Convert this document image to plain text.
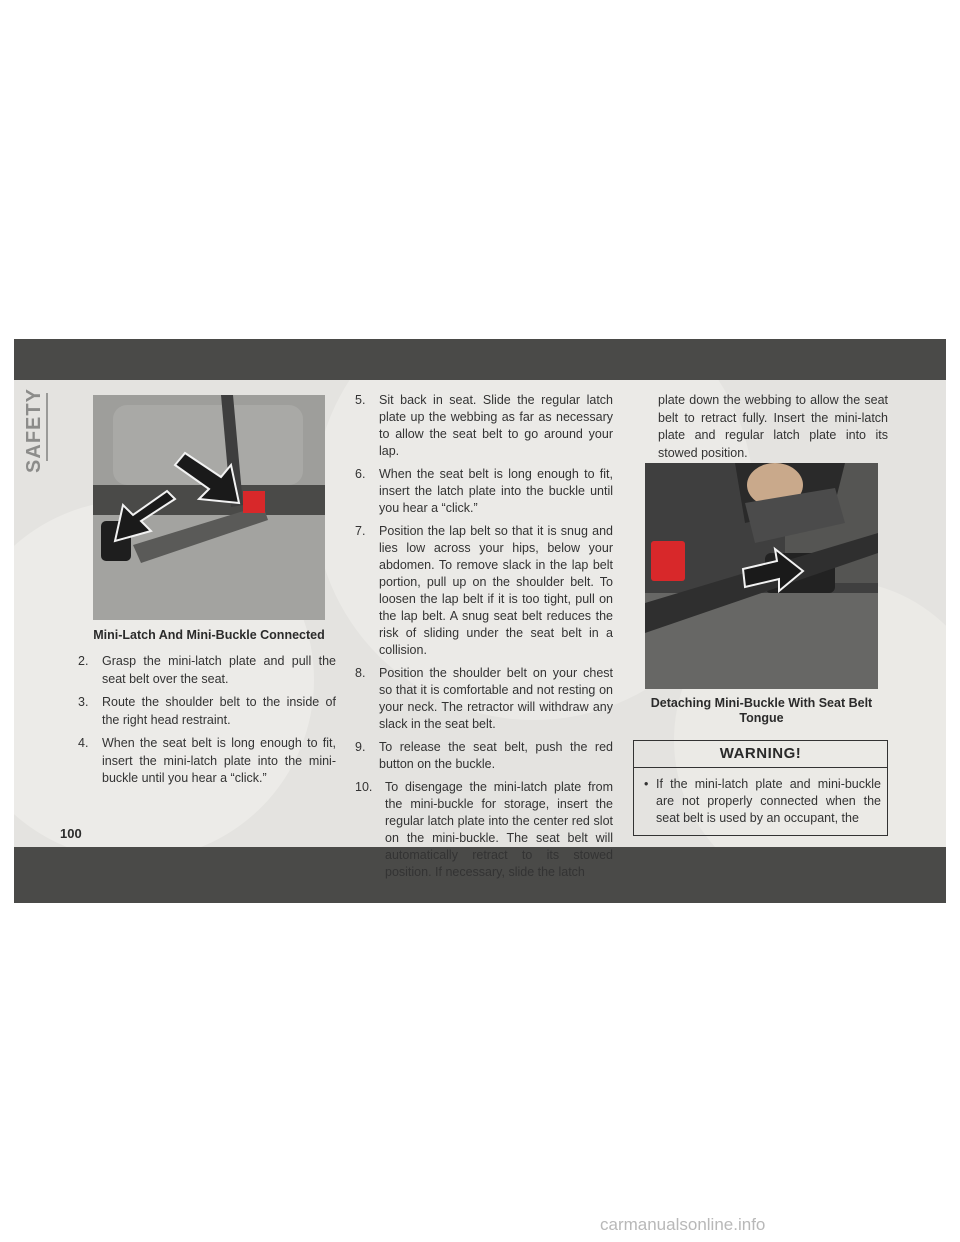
SAFETY
Mini-Latch And Mini-Buckle Connected
2. Grasp the mini-latch plate and pull the seat belt over the seat.
3. Route the shoulder belt to the inside of the right head restraint.
4. When the seat belt is long enough to fit, insert the mini-latch plate into the mini-buckle until you hear a “click.”
5. Sit back in seat. Slide the regular latch plate up the webbing as far as necessary to allow the seat belt to go around your lap.
6. When the seat belt is long enough to fit, insert the latch plate into the buckle until you hear a “click.”
7. Position the lap belt so that it is snug and lies low across your hips, below your abdomen. To remove slack in the lap belt portion, pull up on the shoulder belt. To loosen the lap belt if it is too tight, pull on the lap belt. A snug seat belt reduces the risk of sliding under the seat belt in a collision.
8. Position the shoulder belt on your chest so that it is comfortable and not resting on your neck. The retractor will withdraw any slack in the seat belt.
9. To release the seat belt, push the red button on the buckle.
10. To disengage the mini-latch plate from the mini-buckle for storage, insert the regular latch plate into the center red slot on the mini-buckle. The seat belt will automatically retract to its stowed position. If necessary, slide the latch
plate down the webbing to allow the seat belt to retract fully. Insert the mini-latch plate and regular latch plate into its stowed position.
Detaching Mini-Buckle With Seat Belt Tongue
WARNING!
• If the mini-latch plate and mini-buckle are not properly connected when the seat belt is used by an occupant, the
100
carmanualsonline.info
